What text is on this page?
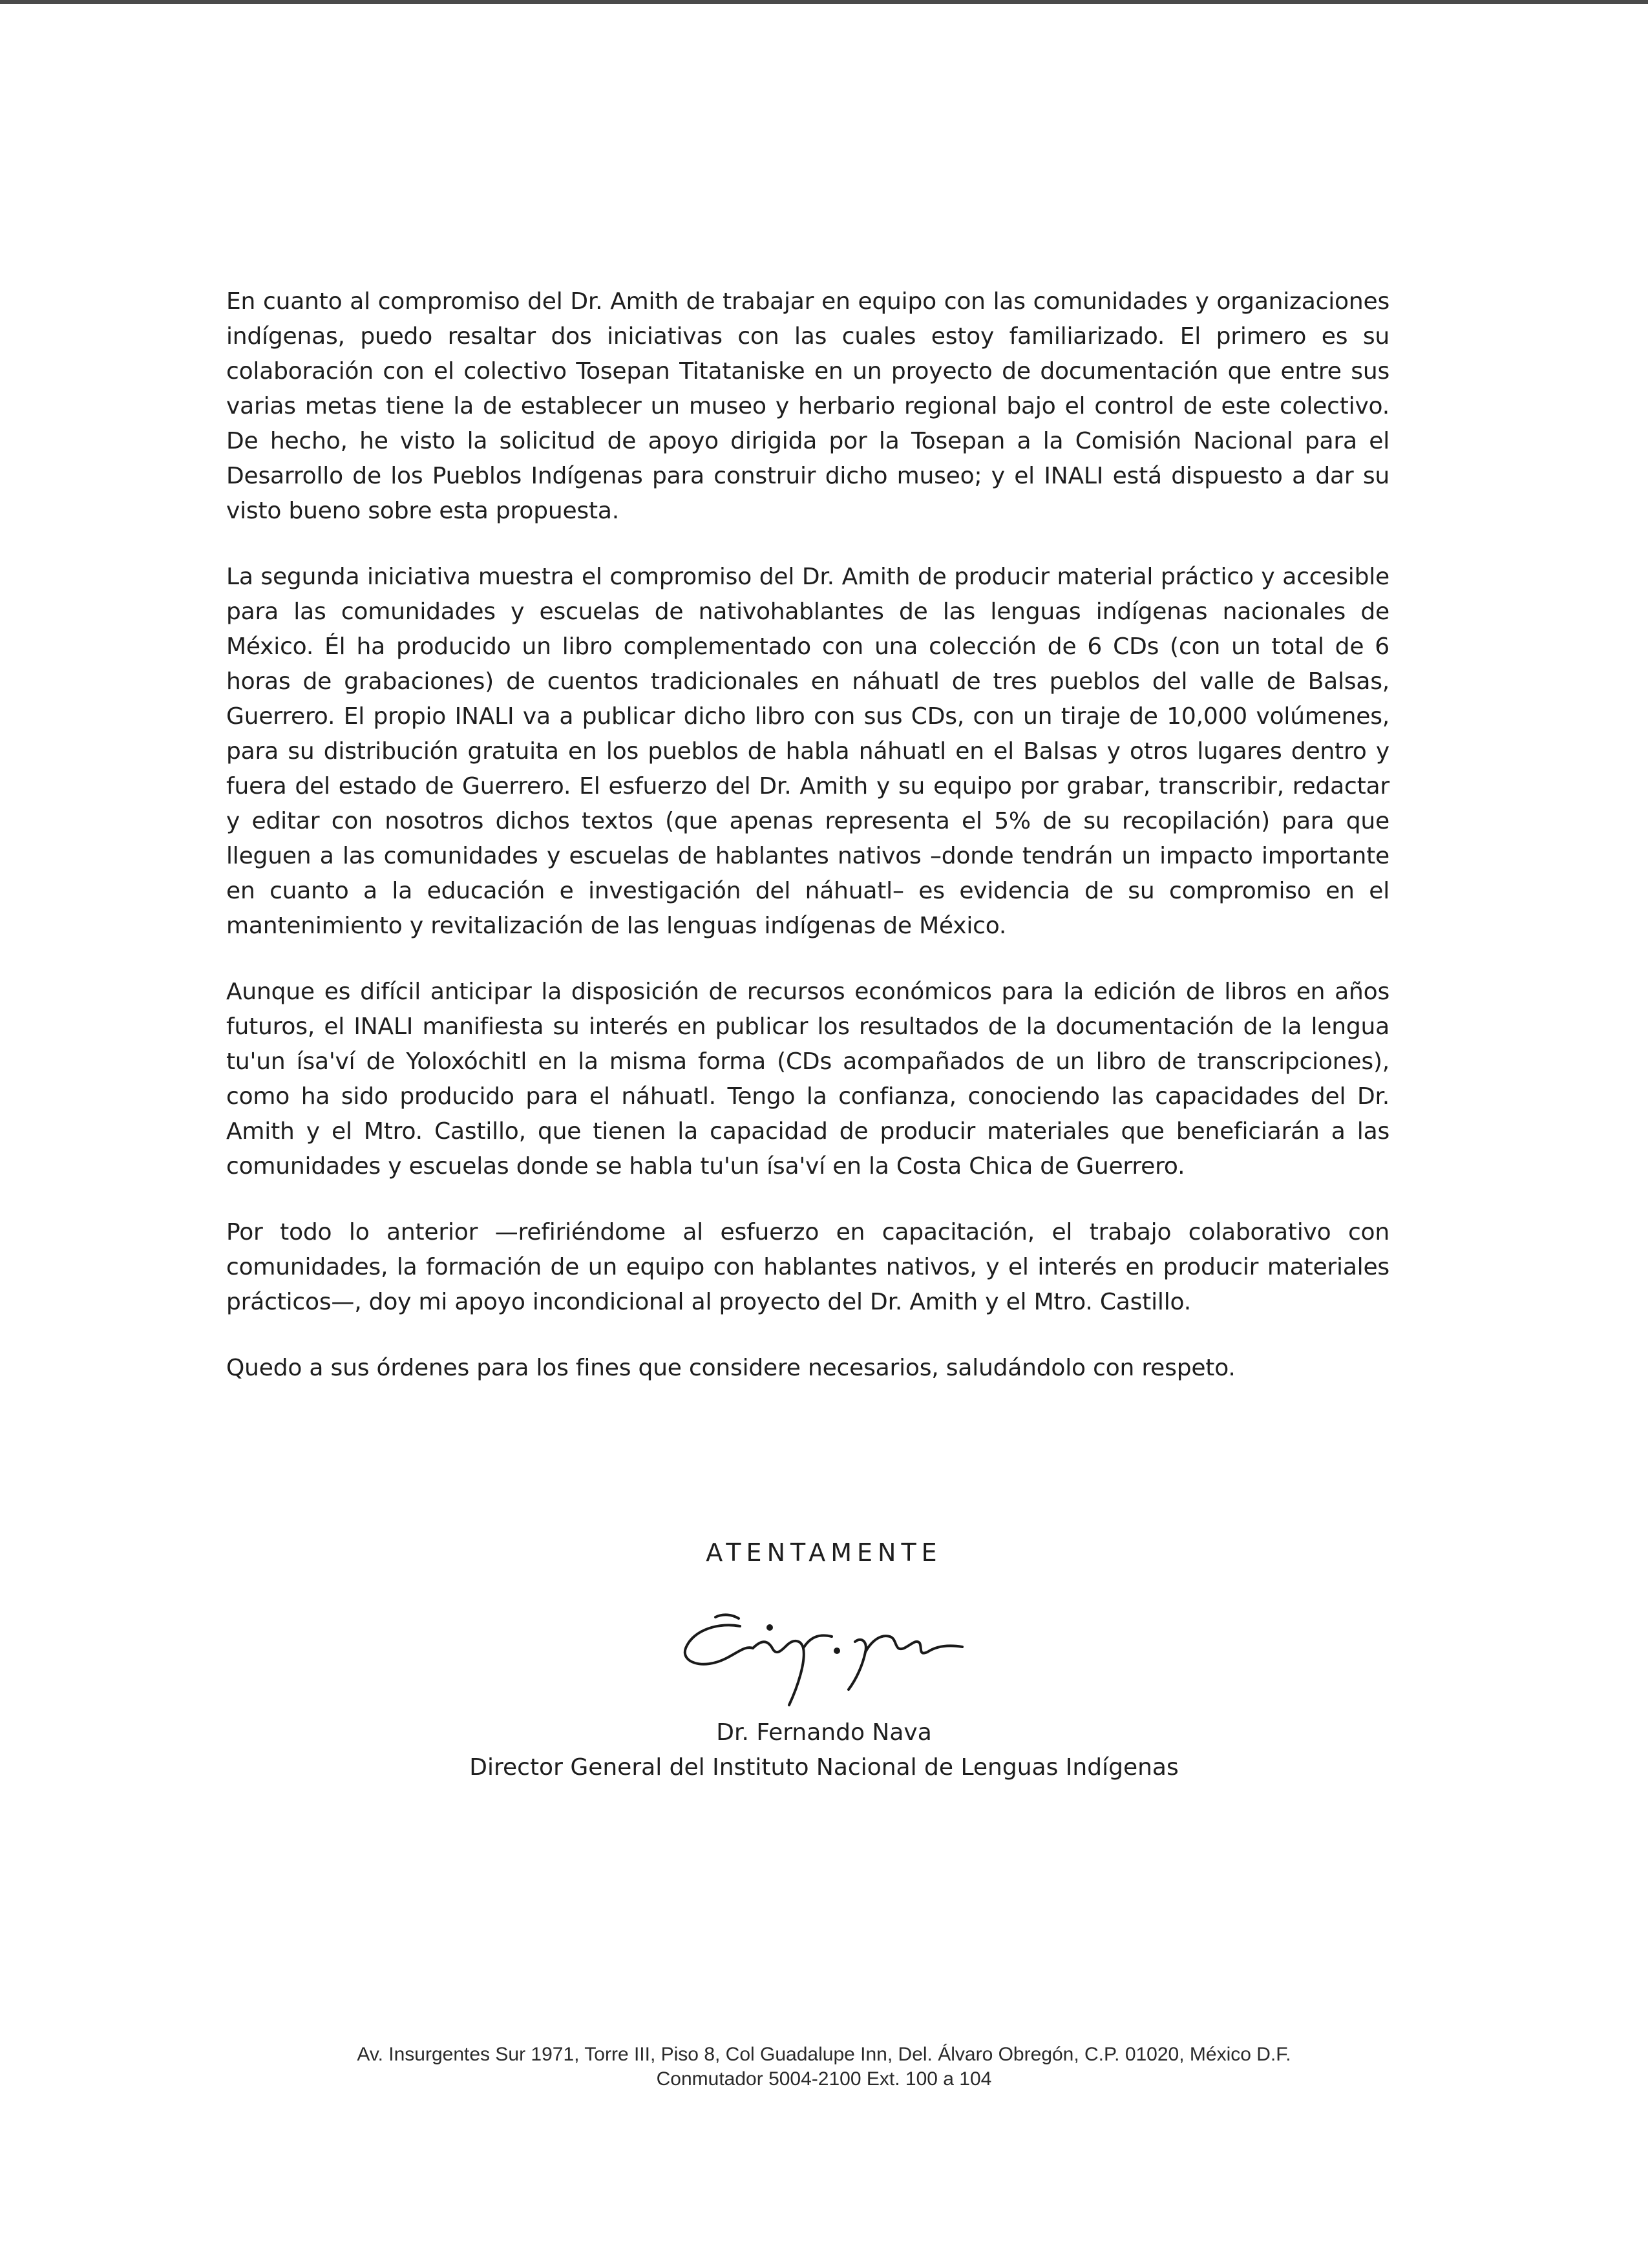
En cuanto al compromiso del Dr. Amith de trabajar en equipo con las comunidades y organizaciones indígenas, puedo resaltar dos iniciativas con las cuales estoy familiarizado. El primero es su colaboración con el colectivo Tosepan Titataniske en un proyecto de documentación que entre sus varias metas tiene la de establecer un museo y herbario regional bajo el control de este colectivo. De hecho, he visto la solicitud de apoyo dirigida por la Tosepan a la Comisión Nacional para el Desarrollo de los Pueblos Indígenas para construir dicho museo; y el INALI está dispuesto a dar su visto bueno sobre esta propuesta.

La segunda iniciativa muestra el compromiso del Dr. Amith de producir material práctico y accesible para las comunidades y escuelas de nativohablantes de las lenguas indígenas nacionales de México. Él ha producido un libro complementado con una colección de 6 CDs (con un total de 6 horas de grabaciones) de cuentos tradicionales en náhuatl de tres pueblos del valle de Balsas, Guerrero. El propio INALI va a publicar dicho libro con sus CDs, con un tiraje de 10,000 volúmenes, para su distribución gratuita en los pueblos de habla náhuatl en el Balsas y otros lugares dentro y fuera del estado de Guerrero. El esfuerzo del Dr. Amith y su equipo por grabar, transcribir, redactar y editar con nosotros dichos textos (que apenas representa el 5% de su recopilación) para que lleguen a las comunidades y escuelas de hablantes nativos –donde tendrán un impacto importante en cuanto a la educación e investigación del náhuatl– es evidencia de su compromiso en el mantenimiento y revitalización de las lenguas indígenas de México.

Aunque es difícil anticipar la disposición de recursos económicos para la edición de libros en años futuros, el INALI manifiesta su interés en publicar los resultados de la documentación de la lengua tu'un ísa'ví de Yoloxóchitl en la misma forma (CDs acompañados de un libro de transcripciones), como ha sido producido para el náhuatl. Tengo la confianza, conociendo las capacidades del Dr. Amith y el Mtro. Castillo, que tienen la capacidad de producir materiales que beneficiarán a las comunidades y escuelas donde se habla tu'un ísa'ví en la Costa Chica de Guerrero.

Por todo lo anterior —refiriéndome al esfuerzo en capacitación, el trabajo colaborativo con comunidades, la formación de un equipo con hablantes nativos, y el interés en producir materiales prácticos—, doy mi apoyo incondicional al proyecto del Dr. Amith y el Mtro. Castillo.

Quedo a sus órdenes para los fines que considere necesarios, saludándolo con respeto.

ATENTAMENTE
Dr. Fernando Nava
Director General del Instituto Nacional de Lenguas Indígenas
Av. Insurgentes Sur 1971, Torre III, Piso 8, Col Guadalupe Inn, Del. Álvaro Obregón, C.P. 01020, México D.F.
Conmutador 5004-2100 Ext. 100 a 104
